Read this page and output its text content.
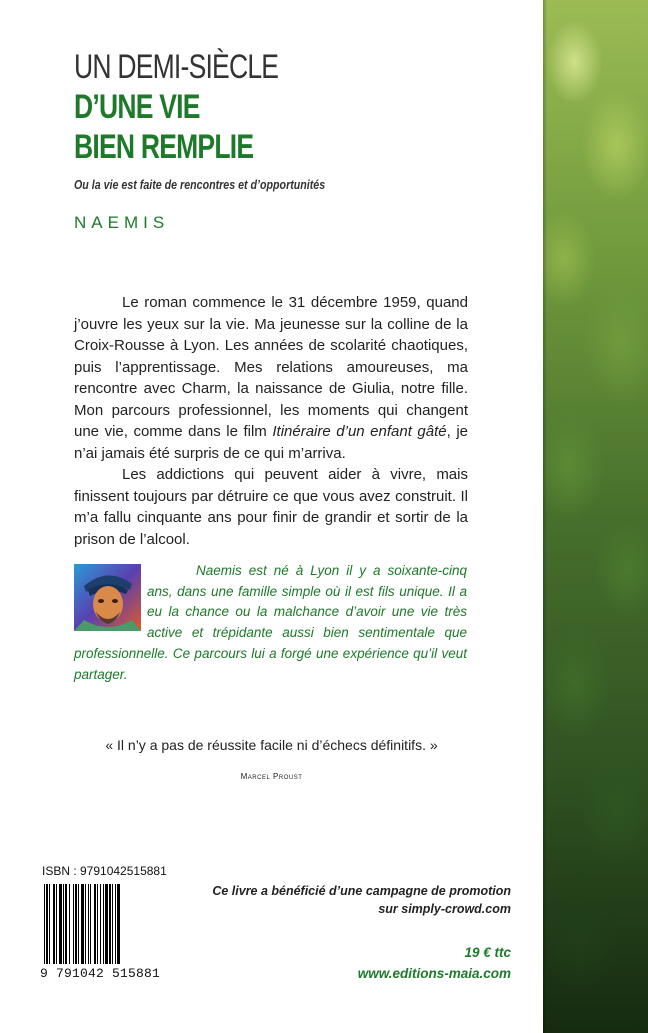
UN DEMI-SIÈCLE
D’UNE VIE
BIEN REMPLIE
Ou la vie est faite de rencontres et d’opportunités
NAEMIS

Le roman commence le 31 décembre 1959, quand j’ouvre les yeux sur la vie. Ma jeunesse sur la colline de la Croix-Rousse à Lyon. Les années de scolarité chaotiques, puis l’apprentissage. Mes relations amoureuses, ma rencontre avec Charm, la naissance de Giulia, notre fille. Mon parcours professionnel, les moments qui changent une vie, comme dans le film Itinéraire d’un enfant gâté, je n’ai jamais été surpris de ce qui m’arriva.

Les addictions qui peuvent aider à vivre, mais finissent toujours par détruire ce que vous avez construit. Il m’a fallu cinquante ans pour finir de grandir et sortir de la prison de l’alcool.

Naemis est né à Lyon il y a soixante-cinq ans, dans une famille simple où il est fils unique. Il a eu la chance ou la malchance d’avoir une vie très active et trépidante aussi bien sentimentale que professionnelle. Ce parcours lui a forgé une expérience qu’il veut partager.

« Il n’y a pas de réussite facile ni d’échecs définitifs. »
Marcel Proust
ISBN : 9791042515881
9 791042 515881
Ce livre a bénéficié d’une campagne de promotion
sur simply-crowd.com
19 € ttc
www.editions-maia.com
